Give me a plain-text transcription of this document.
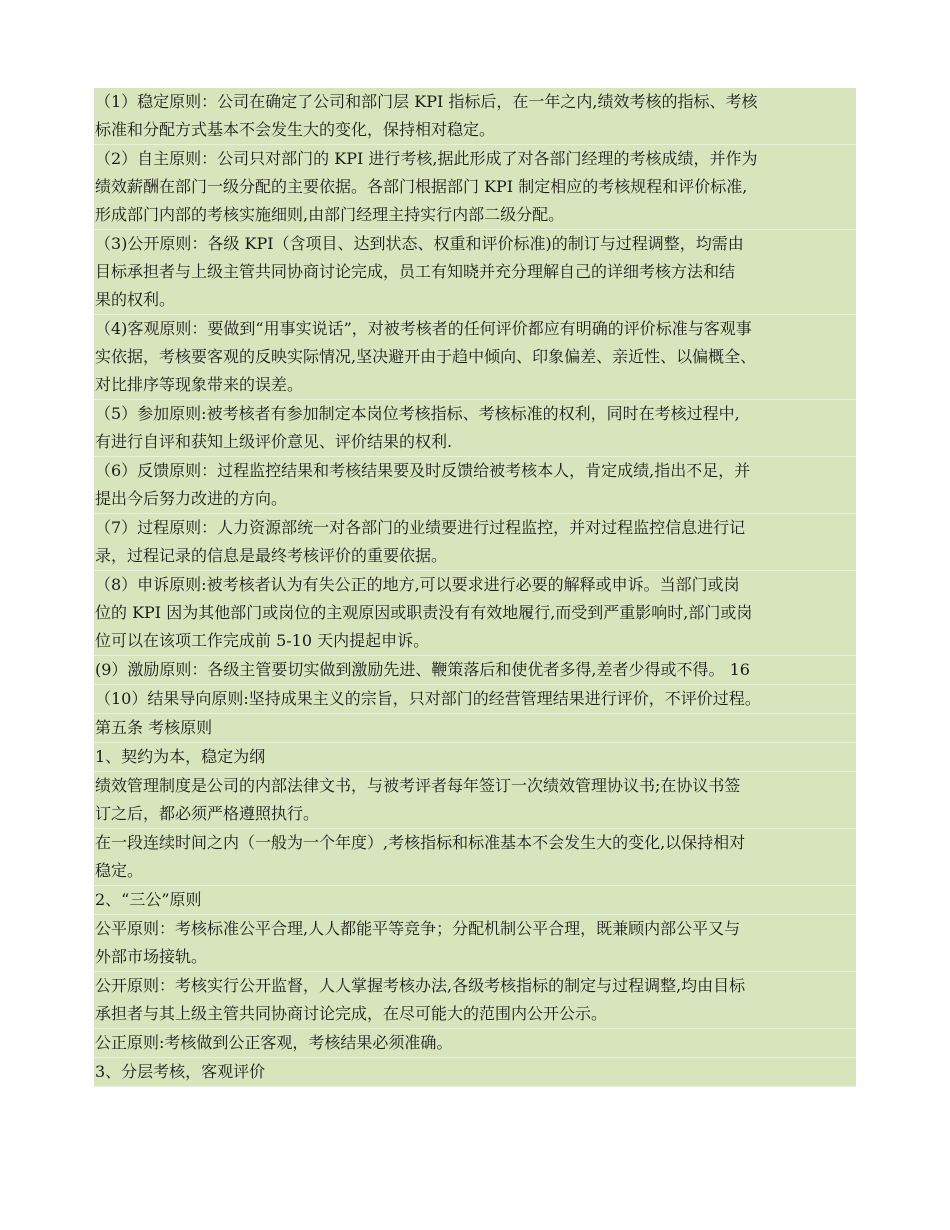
（1）稳定原则：公司在确定了公司和部门层 KPI 指标后，在一年之内,绩效考核的指标、考核
标准和分配方式基本不会发生大的变化，保持相对稳定。
（2）自主原则：公司只对部门的 KPI 进行考核,据此形成了对各部门经理的考核成绩，并作为
绩效薪酬在部门一级分配的主要依据。各部门根据部门 KPI 制定相应的考核规程和评价标准,
形成部门内部的考核实施细则,由部门经理主持实行内部二级分配。
（3)公开原则：各级 KPI（含项目、达到状态、权重和评价标准)的制订与过程调整，均需由
目标承担者与上级主管共同协商讨论完成，员工有知晓并充分理解自己的详细考核方法和结
果的权利。
（4)客观原则：要做到“用事实说话”，对被考核者的任何评价都应有明确的评价标准与客观事
实依据，考核要客观的反映实际情况,坚决避开由于趋中倾向、印象偏差、亲近性、以偏概全、
对比排序等现象带来的误差。
（5）参加原则:被考核者有参加制定本岗位考核指标、考核标准的权利，同时在考核过程中,
有进行自评和获知上级评价意见、评价结果的权利.
（6）反馈原则：过程监控结果和考核结果要及时反馈给被考核本人，肯定成绩,指出不足，并
提出今后努力改进的方向。
（7）过程原则：人力资源部统一对各部门的业绩要进行过程监控，并对过程监控信息进行记
录，过程记录的信息是最终考核评价的重要依据。
（8）申诉原则:被考核者认为有失公正的地方,可以要求进行必要的解释或申诉。当部门或岗
位的 KPI 因为其他部门或岗位的主观原因或职责没有有效地履行,而受到严重影响时,部门或岗
位可以在该项工作完成前 5-10 天内提起申诉。
(9）激励原则：各级主管要切实做到激励先进、鞭策落后和使优者多得,差者少得或不得。 16
（10）结果导向原则:坚持成果主义的宗旨，只对部门的经营管理结果进行评价，不评价过程。
第五条 考核原则
1、契约为本，稳定为纲
绩效管理制度是公司的内部法律文书，与被考评者每年签订一次绩效管理协议书;在协议书签
订之后，都必须严格遵照执行。
在一段连续时间之内（一般为一个年度）,考核指标和标准基本不会发生大的变化,以保持相对
稳定。
2、“三公”原则
公平原则：考核标准公平合理,人人都能平等竞争；分配机制公平合理，既兼顾内部公平又与
外部市场接轨。
公开原则：考核实行公开监督，人人掌握考核办法,各级考核指标的制定与过程调整,均由目标
承担者与其上级主管共同协商讨论完成，在尽可能大的范围内公开公示。
公正原则:考核做到公正客观，考核结果必须准确。
3、分层考核，客观评价
